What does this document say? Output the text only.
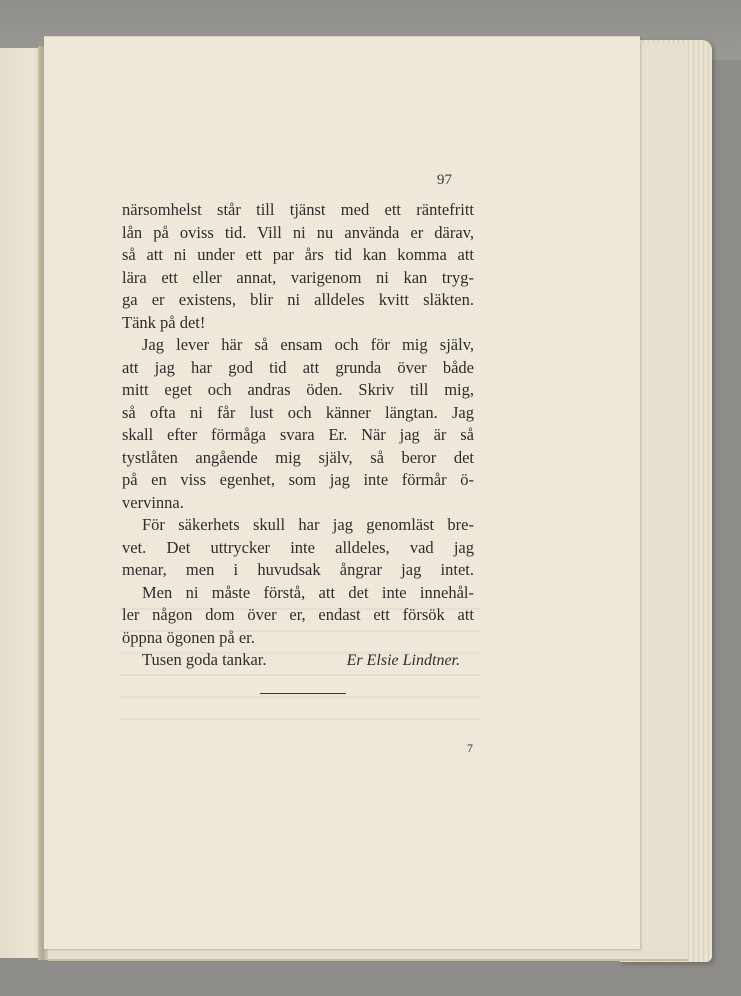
97
närsomhelst står till tjänst med ett räntefritt
lån på oviss tid. Vill ni nu använda er därav,
så att ni under ett par års tid kan komma att
lära ett eller annat, varigenom ni kan tryg-
ga er existens, blir ni alldeles kvitt släkten.
Tänk på det!
Jag lever här så ensam och för mig själv,
att jag har god tid att grunda över både
mitt eget och andras öden. Skriv till mig,
så ofta ni får lust och känner längtan. Jag
skall efter förmåga svara Er. När jag är så
tystlåten angående mig själv, så beror det
på en viss egenhet, som jag inte förmår ö-
vervinna.
För säkerhets skull har jag genomläst bre-
vet. Det uttrycker inte alldeles, vad jag
menar, men i huvudsak ångrar jag intet.
Men ni måste förstå, att det inte innehål-
ler någon dom över er, endast ett försök att
öppna ögonen på er.
Tusen goda tankar.	Er Elsie Lindtner.
7
